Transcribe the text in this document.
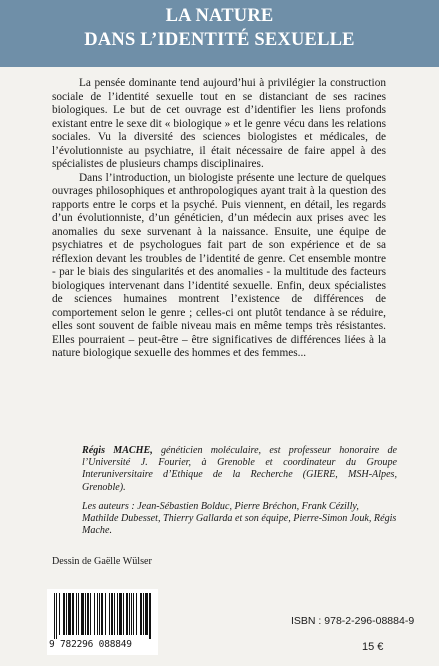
LA NATURE
DANS L’IDENTITÉ SEXUELLE

La pensée dominante tend aujourd’hui à privilégier la construction sociale de l’identité sexuelle tout en se distanciant de ses racines biologiques. Le but de cet ouvrage est d’identifier les liens profonds existant entre le sexe dit « biologique » et le genre vécu dans les relations sociales. Vu la diversité des sciences biologistes et médicales, de l’évolutionniste au psychiatre, il était nécessaire de faire appel à des spécialistes de plusieurs champs disciplinaires.

Dans l’introduction, un biologiste présente une lecture de quelques ouvrages philosophiques et anthropologiques ayant trait à la question des rapports entre le corps et la psyché. Puis viennent, en détail, les regards d’un évolutionniste, d’un généticien, d’un médecin aux prises avec les anomalies du sexe survenant à la naissance. Ensuite, une équipe de psychiatres et de psychologues fait part de son expérience et de sa réflexion devant les troubles de l’identité de genre. Cet ensemble montre - par le biais des singularités et des anomalies - la multitude des facteurs biologiques intervenant dans l’identité sexuelle. Enfin, deux spécialistes de sciences humaines montrent l’existence de différences de comportement selon le genre ; celles-ci ont plutôt tendance à se réduire, elles sont souvent de faible niveau mais en même temps très résistantes. Elles pourraient – peut-être – être significatives de différences liées à la nature biologique sexuelle des hommes et des femmes...

Régis MACHE, généticien moléculaire, est professeur honoraire de l’Université J. Fourier, à Grenoble et coordinateur du Groupe Interuniversitaire d’Ethique de la Recherche (GIERE, MSH-Alpes, Grenoble).

Les auteurs : Jean-Sébastien Bolduc, Pierre Bréchon, Frank Cézilly, Mathilde Dubesset, Thierry Gallarda et son équipe, Pierre-Simon Jouk, Régis Mache.

Dessin de Gaëlle Wülser

9 782296 088849

ISBN : 978-2-296-08884-9

15 €
